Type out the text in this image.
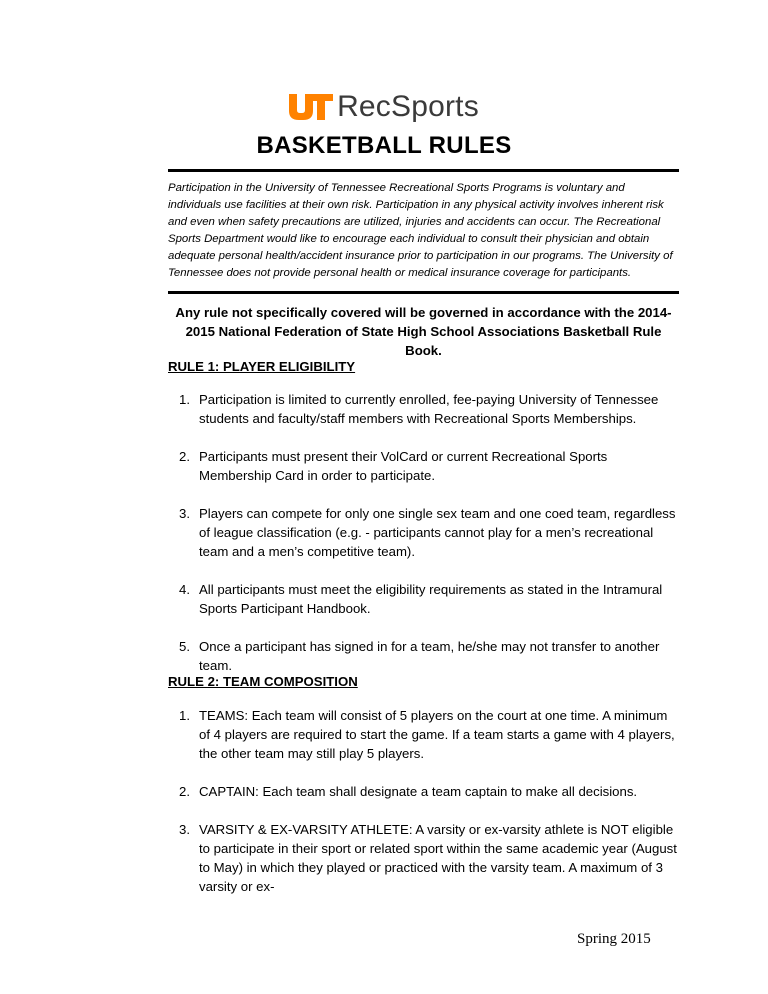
RecSports
BASKETBALL RULES
Participation in the University of Tennessee Recreational Sports Programs is voluntary and individuals use facilities at their own risk. Participation in any physical activity involves inherent risk and even when safety precautions are utilized, injuries and accidents can occur. The Recreational Sports Department would like to encourage each individual to consult their physician and obtain adequate personal health/accident insurance prior to participation in our programs. The University of Tennessee does not provide personal health or medical insurance coverage for participants.
Any rule not specifically covered will be governed in accordance with the 2014-2015 National Federation of State High School Associations Basketball Rule Book.
RULE 1: PLAYER ELIGIBILITY
1. Participation is limited to currently enrolled, fee-paying University of Tennessee students and faculty/staff members with Recreational Sports Memberships.
2. Participants must present their VolCard or current Recreational Sports Membership Card in order to participate.
3. Players can compete for only one single sex team and one coed team, regardless of league classification (e.g. - participants cannot play for a men’s recreational team and a men’s competitive team).
4. All participants must meet the eligibility requirements as stated in the Intramural Sports Participant Handbook.
5. Once a participant has signed in for a team, he/she may not transfer to another team.
RULE 2: TEAM COMPOSITION
1. TEAMS: Each team will consist of 5 players on the court at one time. A minimum of 4 players are required to start the game. If a team starts a game with 4 players, the other team may still play 5 players.
2. CAPTAIN: Each team shall designate a team captain to make all decisions.
3. VARSITY & EX-VARSITY ATHLETE: A varsity or ex-varsity athlete is NOT eligible to participate in their sport or related sport within the same academic year (August to May) in which they played or practiced with the varsity team. A maximum of 3 varsity or ex-
Spring 2015
